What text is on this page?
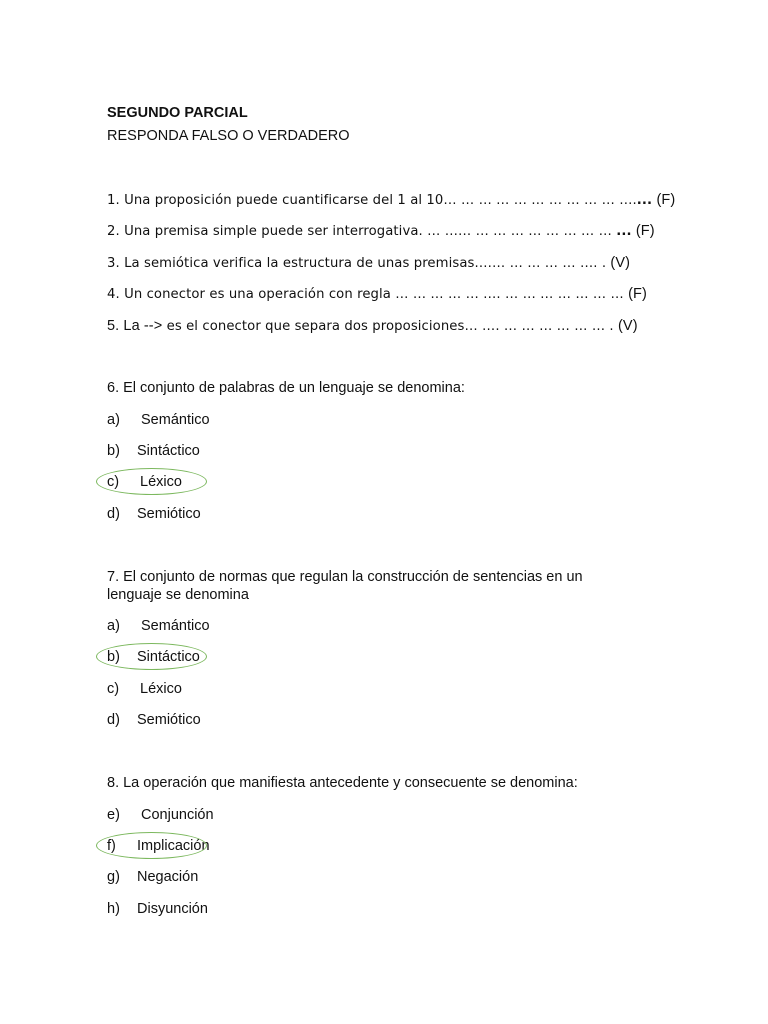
SEGUNDO PARCIAL
RESPONDA FALSO O VERDADERO
1. Una proposición puede cuantificarse del 1 al 10… … … … … … … … … … ….... (F)
2. Una premisa simple puede ser interrogativa. … …… … … … … … … … … ... (F)
3. La semiótica verifica la estructura de unas premisas.…… … … … … …. . (V)
4. Un conector es una operación con regla … … … … … …. … … … … … … … (F)
5. La --> es el conector que separa dos proposiciones… …. … … … … … … . (V)
6. El conjunto de palabras de un lenguaje se denomina:
a) Semántico
b) Sintáctico
c) Léxico
d) Semiótico
7. El conjunto de normas que regulan la construcción de sentencias en un lenguaje se denomina
a) Semántico
b) Sintáctico
c) Léxico
d) Semiótico
8. La operación que manifiesta antecedente y consecuente se denomina:
e) Conjunción
f) Implicación
g) Negación
h) Disyunción
